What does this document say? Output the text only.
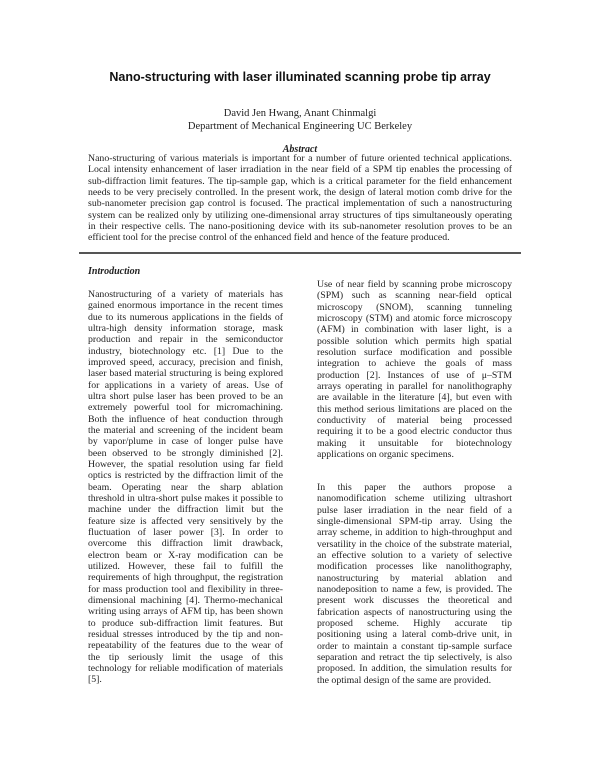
Nano-structuring with laser illuminated scanning probe tip array
David Jen Hwang, Anant Chinmalgi
Department of Mechanical Engineering UC Berkeley
Abstract
Nano-structuring of various materials is important for a number of future oriented technical applications.
Local intensity enhancement of laser irradiation in the near field of a SPM tip enables the processing of
sub-diffraction limit features. The tip-sample gap, which is a critical parameter for the field enhancement
needs to be very precisely controlled. In the present work, the design of lateral motion comb drive for the
sub-nanometer precision gap control is focused. The practical implementation of such a nanostructuring
system can be realized only by utilizing one-dimensional array structures of tips simultaneously operating
in their respective cells. The nano-positioning device with its sub-nanometer resolution proves to be an
efficient tool for the precise control of the enhanced field and hence of the feature produced.
Introduction
Nanostructuring of a variety of materials has
gained enormous importance in the recent times
due to its numerous applications in the fields of
ultra-high density information storage, mask
production and repair in the semiconductor
industry, biotechnology etc. [1] Due to the
improved speed, accuracy, precision and finish,
laser based material structuring is being explored
for applications in a variety of areas. Use of
ultra short pulse laser has been proved to be an
extremely powerful tool for micromachining.
Both the influence of heat conduction through
the material and screening of the incident beam
by vapor/plume in case of longer pulse have
been observed to be strongly diminished [2].
However, the spatial resolution using far field
optics is restricted by the diffraction limit of the
beam. Operating near the sharp ablation
threshold in ultra-short pulse makes it possible to
machine under the diffraction limit but the
feature size is affected very sensitively by the
fluctuation of laser power [3]. In order to
overcome this diffraction limit drawback,
electron beam or X-ray modification can be
utilized. However, these fail to fulfill the
requirements of high throughput, the registration
for mass production tool and flexibility in three-
dimensional machining [4]. Thermo-mechanical
writing using arrays of AFM tip, has been shown
to produce sub-diffraction limit features. But
residual stresses introduced by the tip and non-
repeatability of the features due to the wear of
the tip seriously limit the usage of this
technology for reliable modification of materials
[5].
Use of near field by scanning probe microscopy
(SPM) such as scanning near-field optical
microscopy (SNOM), scanning tunneling
microscopy (STM) and atomic force microscopy
(AFM) in combination with laser light, is a
possible solution which permits high spatial
resolution surface modification and possible
integration to achieve the goals of mass
production [2]. Instances of use of μ–STM
arrays operating in parallel for nanolithography
are available in the literature [4], but even with
this method serious limitations are placed on the
conductivity of material being processed
requiring it to be a good electric conductor thus
making it unsuitable for biotechnology
applications on organic specimens.
In this paper the authors propose a
nanomodification scheme utilizing ultrashort
pulse laser irradiation in the near field of a
single-dimensional SPM-tip array. Using the
array scheme, in addition to high-throughput and
versatility in the choice of the substrate material,
an effective solution to a variety of selective
modification processes like nanolithography,
nanostructuring by material ablation and
nanodeposition to name a few, is provided. The
present work discusses the theoretical and
fabrication aspects of nanostructuring using the
proposed scheme. Highly accurate tip
positioning using a lateral comb-drive unit, in
order to maintain a constant tip-sample surface
separation and retract the tip selectively, is also
proposed. In addition, the simulation results for
the optimal design of the same are provided.
